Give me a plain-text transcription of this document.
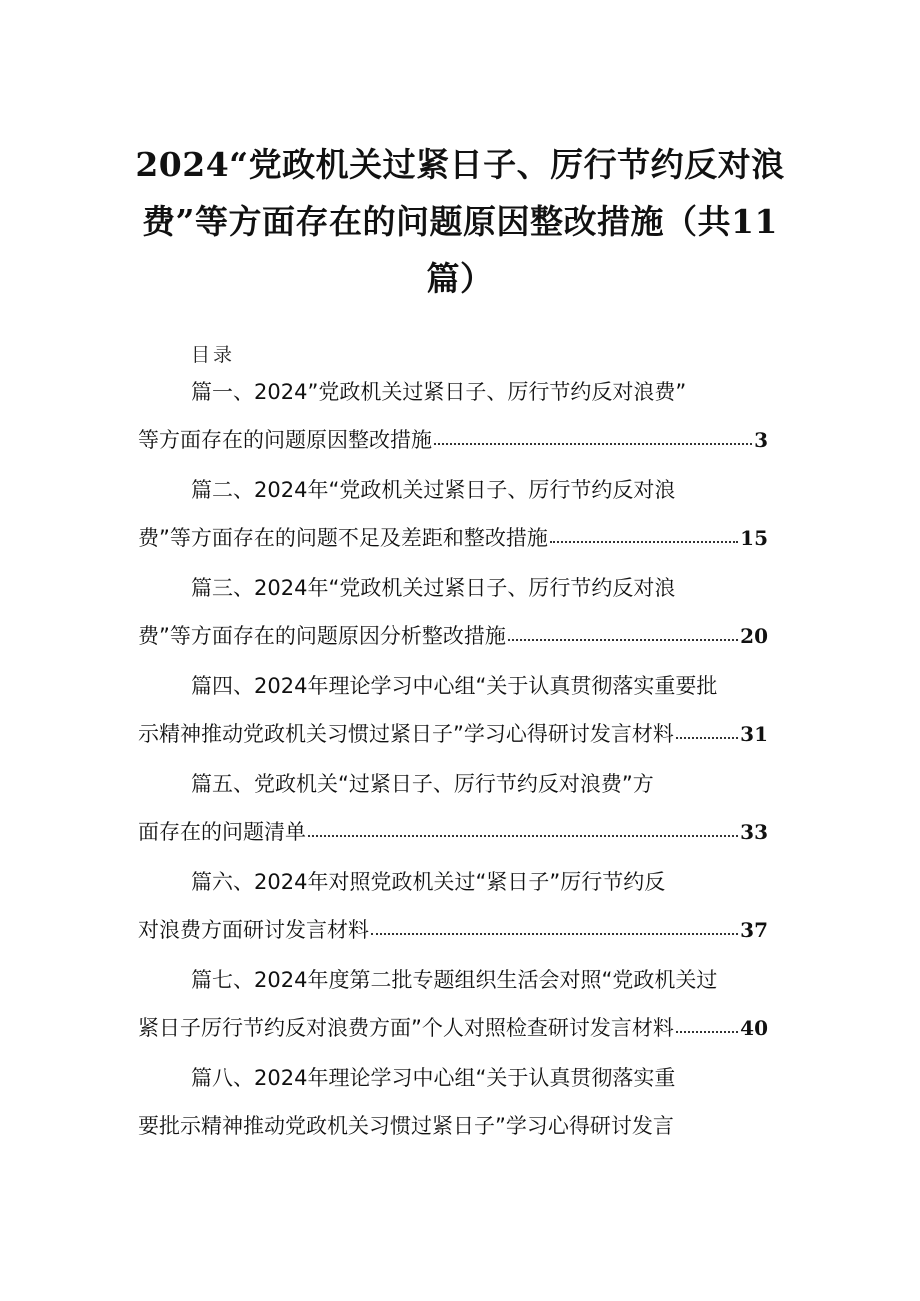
2024“党政机关过紧日子、厉行节约反对浪
费”等方面存在的问题原因整改措施（共11
篇）
目录
篇一、2024”党政机关过紧日子、厉行节约反对浪费”
等方面存在的问题原因整改措施	3
篇二、2024年“党政机关过紧日子、厉行节约反对浪
费”等方面存在的问题不足及差距和整改措施	15
篇三、2024年“党政机关过紧日子、厉行节约反对浪
费”等方面存在的问题原因分析整改措施	20
篇四、2024年理论学习中心组“关于认真贯彻落实重要批
示精神推动党政机关习惯过紧日子”学习心得研讨发言材料	31
篇五、党政机关“过紧日子、厉行节约反对浪费”方
面存在的问题清单	33
篇六、2024年对照党政机关过“紧日子”厉行节约反
对浪费方面研讨发言材料	37
篇七、2024年度第二批专题组织生活会对照“党政机关过
紧日子厉行节约反对浪费方面”个人对照检查研讨发言材料	40
篇八、2024年理论学习中心组“关于认真贯彻落实重
要批示精神推动党政机关习惯过紧日子”学习心得研讨发言
